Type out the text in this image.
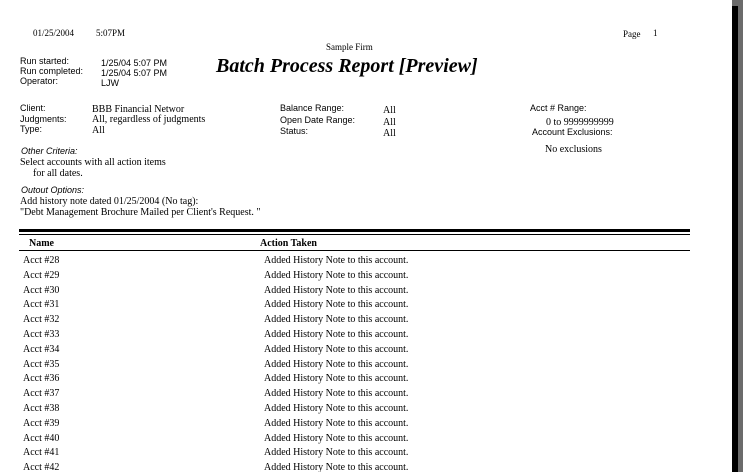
01/25/2004 5:07PM	Page 1
Sample Firm
Batch Process Report [Preview]
Run started:	1/25/04 5:07 PM
Run completed: 1/25/04 5:07 PM
Operator:	LJW
Client:	BBB Financial Networ
Judgments:	All, regardless of judgments
Type:	All
Balance Range:	All
Open Date Range:	All
Status:	All
Acct # Range:
0 to 9999999999
Account Exclusions:
No exclusions
Other Criteria:
Select accounts with all action items
for all dates.
Outout Options:
Add history note dated 01/25/2004 (No tag):
"Debt Management Brochure Mailed per Client's Request. "
Name	Action Taken
Acct #28	Added History Note to this account.
Acct #29	Added History Note to this account.
Acct #30	Added History Note to this account.
Acct #31	Added History Note to this account.
Acct #32	Added History Note to this account.
Acct #33	Added History Note to this account.
Acct #34	Added History Note to this account.
Acct #35	Added History Note to this account.
Acct #36	Added History Note to this account.
Acct #37	Added History Note to this account.
Acct #38	Added History Note to this account.
Acct #39	Added History Note to this account.
Acct #40	Added History Note to this account.
Acct #41	Added History Note to this account.
Acct #42	Added History Note to this account.
